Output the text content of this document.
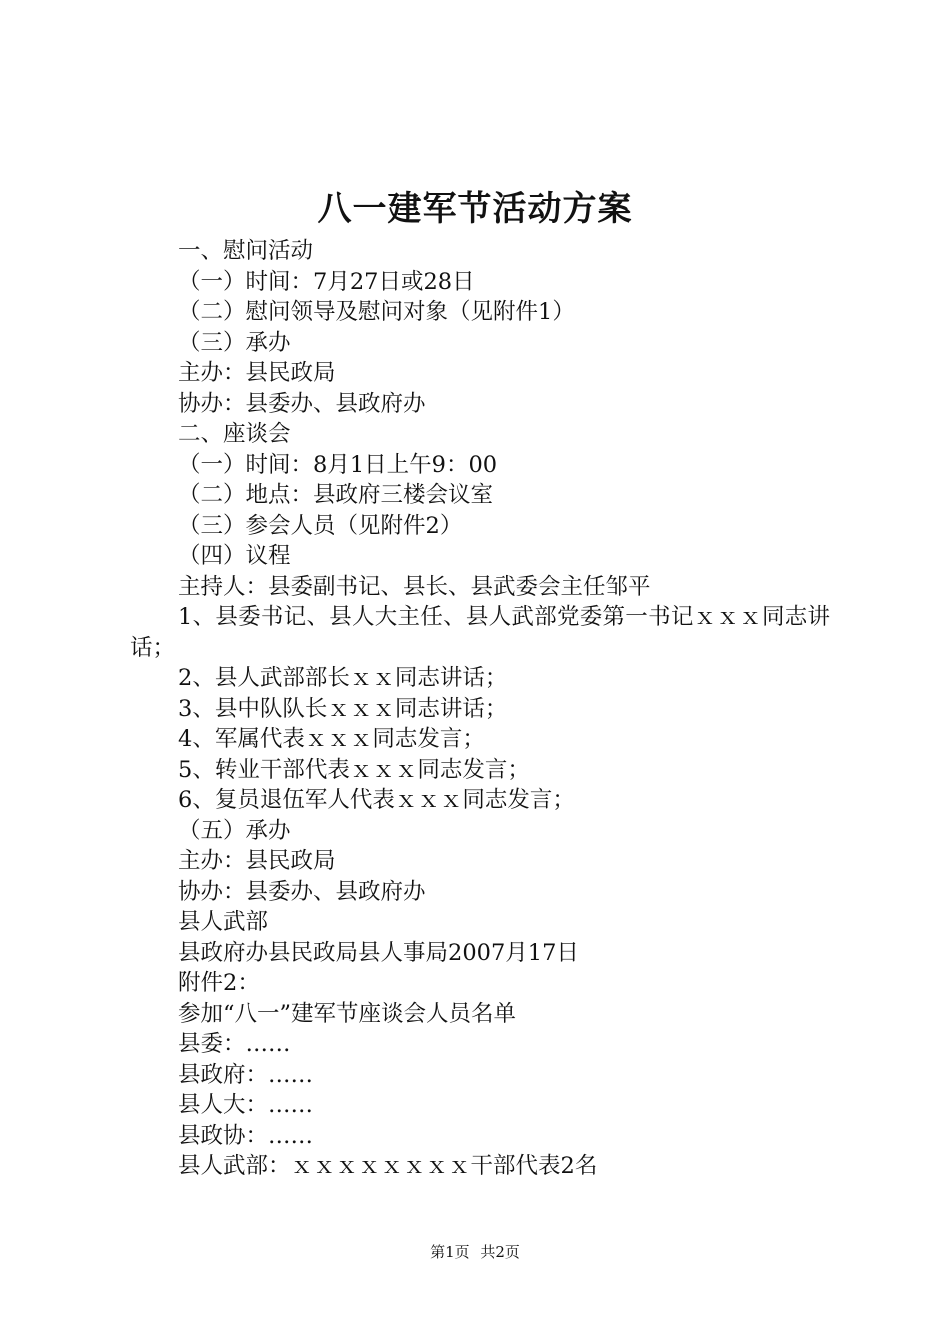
八一建军节活动方案

一、慰问活动

（一）时间：7月27日或28日

（二）慰问领导及慰问对象（见附件1）

（三）承办

主办：县民政局

协办：县委办、县政府办

二、座谈会

（一）时间：8月1日上午9：00

（二）地点：县政府三楼会议室

（三）参会人员（见附件2）

（四）议程

主持人：县委副书记、县长、县武委会主任邹平

1、县委书记、县人大主任、县人武部党委第一书记ｘｘｘ同志讲话；

2、县人武部部长ｘｘ同志讲话；

3、县中队队长ｘｘｘ同志讲话；

4、军属代表ｘｘｘ同志发言；

5、转业干部代表ｘｘｘ同志发言；

6、复员退伍军人代表ｘｘｘ同志发言；

（五）承办

主办：县民政局

协办：县委办、县政府办

县人武部

县政府办县民政局县人事局2007月17日

附件2：

参加“八一”建军节座谈会人员名单

县委：……

县政府：……

县人大：……

县政协：……

县人武部：ｘｘｘｘｘｘｘｘ干部代表2名

第1页 共2页
